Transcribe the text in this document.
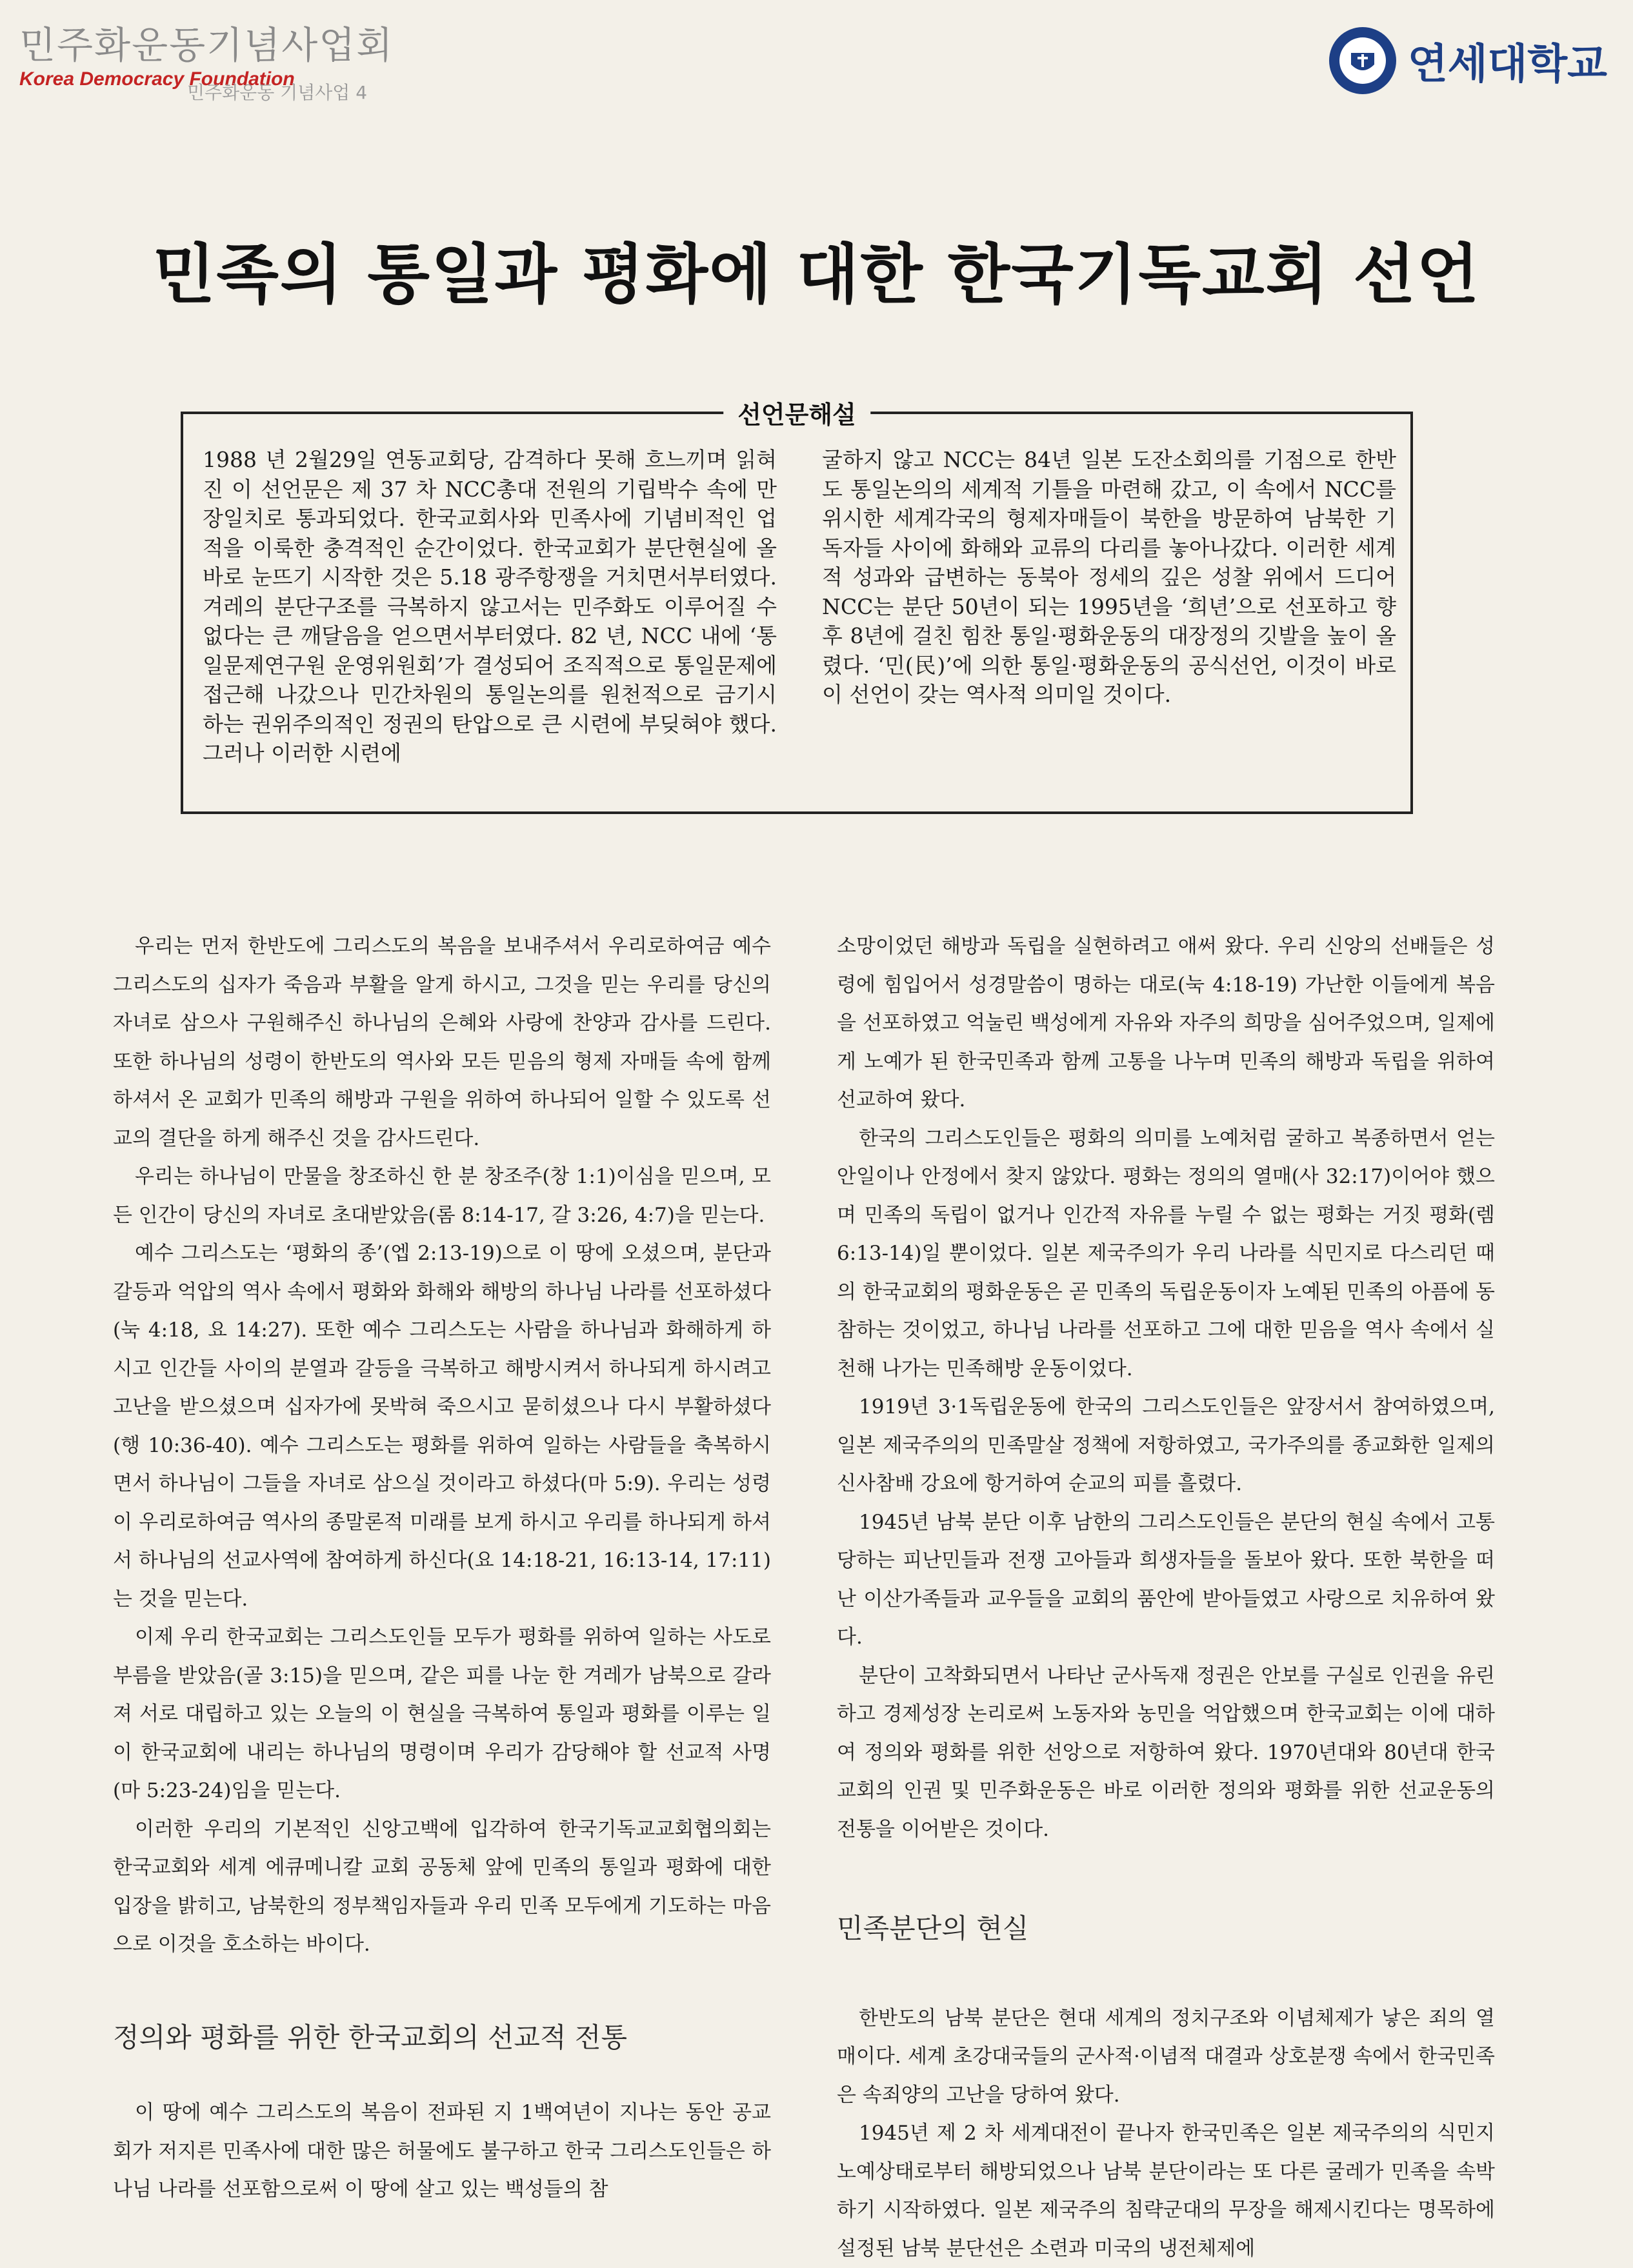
민주화운동기념사업회
Korea Democracy Foundation
민주화운동 기념사업 4
연세대학교
민족의 통일과 평화에 대한 한국기독교회 선언
선언문해설

1988 년 2월29일 연동교회당, 감격하다 못해 흐느끼며 읽혀진 이 선언문은 제 37 차 NCC총대 전원의 기립박수 속에 만장일치로 통과되었다. 한국교회사와 민족사에 기념비적인 업적을 이룩한 충격적인 순간이었다. 한국교회가 분단현실에 올바로 눈뜨기 시작한 것은 5.18 광주항쟁을 거치면서부터였다. 겨레의 분단구조를 극복하지 않고서는 민주화도 이루어질 수 없다는 큰 깨달음을 얻으면서부터였다. 82 년, NCC 내에 ‘통일문제연구원 운영위원회’가 결성되어 조직적으로 통일문제에 접근해 나갔으나 민간차원의 통일논의를 원천적으로 금기시 하는 권위주의적인 정권의 탄압으로 큰 시련에 부딪혀야 했다. 그러나 이러한 시련에

굴하지 않고 NCC는 84년 일본 도잔소회의를 기점으로 한반도 통일논의의 세계적 기틀을 마련해 갔고, 이 속에서 NCC를 위시한 세계각국의 형제자매들이 북한을 방문하여 남북한 기독자들 사이에 화해와 교류의 다리를 놓아나갔다. 이러한 세계적 성과와 급변하는 동북아 정세의 깊은 성찰 위에서 드디어 NCC는 분단 50년이 되는 1995년을 ‘희년’으로 선포하고 향후 8년에 걸친 힘찬 통일·평화운동의 대장정의 깃발을 높이 올렸다. ‘민(民)’에 의한 통일·평화운동의 공식선언, 이것이 바로 이 선언이 갖는 역사적 의미일 것이다.

우리는 먼저 한반도에 그리스도의 복음을 보내주셔서 우리로하여금 예수 그리스도의 십자가 죽음과 부활을 알게 하시고, 그것을 믿는 우리를 당신의 자녀로 삼으사 구원해주신 하나님의 은혜와 사랑에 찬양과 감사를 드린다. 또한 하나님의 성령이 한반도의 역사와 모든 믿음의 형제 자매들 속에 함께 하셔서 온 교회가 민족의 해방과 구원을 위하여 하나되어 일할 수 있도록 선교의 결단을 하게 해주신 것을 감사드린다.

우리는 하나님이 만물을 창조하신 한 분 창조주(창 1:1)이심을 믿으며, 모든 인간이 당신의 자녀로 초대받았음(롬 8:14-17, 갈 3:26, 4:7)을 믿는다.

예수 그리스도는 ‘평화의 종’(엡 2:13-19)으로 이 땅에 오셨으며, 분단과 갈등과 억압의 역사 속에서 평화와 화해와 해방의 하나님 나라를 선포하셨다(눅 4:18, 요 14:27). 또한 예수 그리스도는 사람을 하나님과 화해하게 하시고 인간들 사이의 분열과 갈등을 극복하고 해방시켜서 하나되게 하시려고 고난을 받으셨으며 십자가에 못박혀 죽으시고 묻히셨으나 다시 부활하셨다(행 10:36-40). 예수 그리스도는 평화를 위하여 일하는 사람들을 축복하시면서 하나님이 그들을 자녀로 삼으실 것이라고 하셨다(마 5:9). 우리는 성령이 우리로하여금 역사의 종말론적 미래를 보게 하시고 우리를 하나되게 하셔서 하나님의 선교사역에 참여하게 하신다(요 14:18-21, 16:13-14, 17:11)는 것을 믿는다.

이제 우리 한국교회는 그리스도인들 모두가 평화를 위하여 일하는 사도로 부름을 받았음(골 3:15)을 믿으며, 같은 피를 나눈 한 겨레가 남북으로 갈라져 서로 대립하고 있는 오늘의 이 현실을 극복하여 통일과 평화를 이루는 일이 한국교회에 내리는 하나님의 명령이며 우리가 감당해야 할 선교적 사명(마 5:23-24)임을 믿는다.

이러한 우리의 기본적인 신앙고백에 입각하여 한국기독교교회협의회는 한국교회와 세계 에큐메니칼 교회 공동체 앞에 민족의 통일과 평화에 대한 입장을 밝히고, 남북한의 정부책임자들과 우리 민족 모두에게 기도하는 마음으로 이것을 호소하는 바이다.

정의와 평화를 위한 한국교회의 선교적 전통

이 땅에 예수 그리스도의 복음이 전파된 지 1백여년이 지나는 동안 공교회가 저지른 민족사에 대한 많은 허물에도 불구하고 한국 그리스도인들은 하나님 나라를 선포함으로써 이 땅에 살고 있는 백성들의 참

소망이었던 해방과 독립을 실현하려고 애써 왔다. 우리 신앙의 선배들은 성령에 힘입어서 성경말씀이 명하는 대로(눅 4:18-19) 가난한 이들에게 복음을 선포하였고 억눌린 백성에게 자유와 자주의 희망을 심어주었으며, 일제에게 노예가 된 한국민족과 함께 고통을 나누며 민족의 해방과 독립을 위하여 선교하여 왔다.

한국의 그리스도인들은 평화의 의미를 노예처럼 굴하고 복종하면서 얻는 안일이나 안정에서 찾지 않았다. 평화는 정의의 열매(사 32:17)이어야 했으며 민족의 독립이 없거나 인간적 자유를 누릴 수 없는 평화는 거짓 평화(렘 6:13-14)일 뿐이었다. 일본 제국주의가 우리 나라를 식민지로 다스리던 때의 한국교회의 평화운동은 곧 민족의 독립운동이자 노예된 민족의 아픔에 동참하는 것이었고, 하나님 나라를 선포하고 그에 대한 믿음을 역사 속에서 실천해 나가는 민족해방 운동이었다.

1919년 3·1독립운동에 한국의 그리스도인들은 앞장서서 참여하였으며, 일본 제국주의의 민족말살 정책에 저항하였고, 국가주의를 종교화한 일제의 신사참배 강요에 항거하여 순교의 피를 흘렸다.

1945년 남북 분단 이후 남한의 그리스도인들은 분단의 현실 속에서 고통당하는 피난민들과 전쟁 고아들과 희생자들을 돌보아 왔다. 또한 북한을 떠난 이산가족들과 교우들을 교회의 품안에 받아들였고 사랑으로 치유하여 왔다.

분단이 고착화되면서 나타난 군사독재 정권은 안보를 구실로 인권을 유린하고 경제성장 논리로써 노동자와 농민을 억압했으며 한국교회는 이에 대하여 정의와 평화를 위한 선앙으로 저항하여 왔다. 1970년대와 80년대 한국교회의 인권 및 민주화운동은 바로 이러한 정의와 평화를 위한 선교운동의 전통을 이어받은 것이다.

민족분단의 현실

한반도의 남북 분단은 현대 세계의 정치구조와 이념체제가 낳은 죄의 열매이다. 세계 초강대국들의 군사적·이념적 대결과 상호분쟁 속에서 한국민족은 속죄양의 고난을 당하여 왔다.

1945년 제 2 차 세계대전이 끝나자 한국민족은 일본 제국주의의 식민지 노예상태로부터 해방되었으나 남북 분단이라는 또 다른 굴레가 민족을 속박하기 시작하였다. 일본 제국주의 침략군대의 무장을 해제시킨다는 명목하에 설정된 남북 분단선은 소련과 미국의 냉전체제에
